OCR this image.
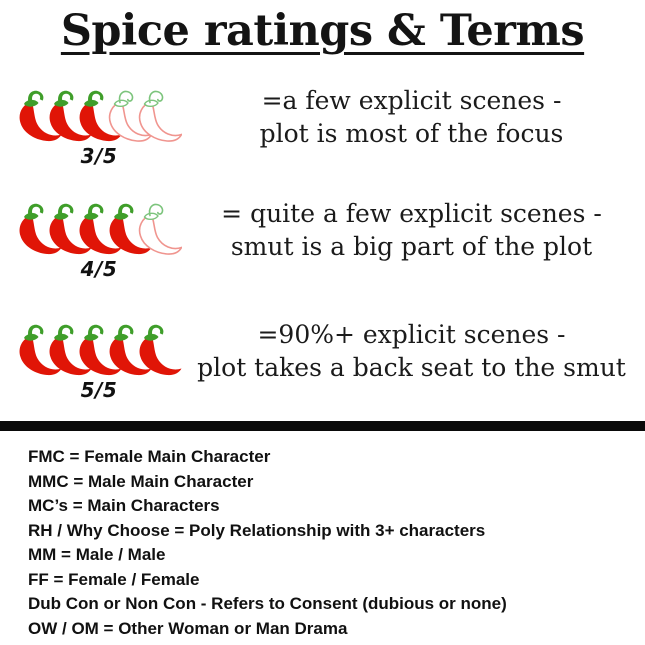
Spice ratings & Terms
3/5
=a few explicit scenes -
plot is most of the focus
4/5
= quite a few explicit scenes -
smut is a big part of the plot
5/5
=90%+ explicit scenes -
plot takes a back seat to the smut
FMC = Female Main Character
MMC = Male Main Character
MC’s = Main Characters
RH / Why Choose = Poly Relationship with 3+ characters
MM = Male / Male
FF = Female / Female
Dub Con or Non Con - Refers to Consent (dubious or none)
OW / OM = Other Woman or Man Drama
